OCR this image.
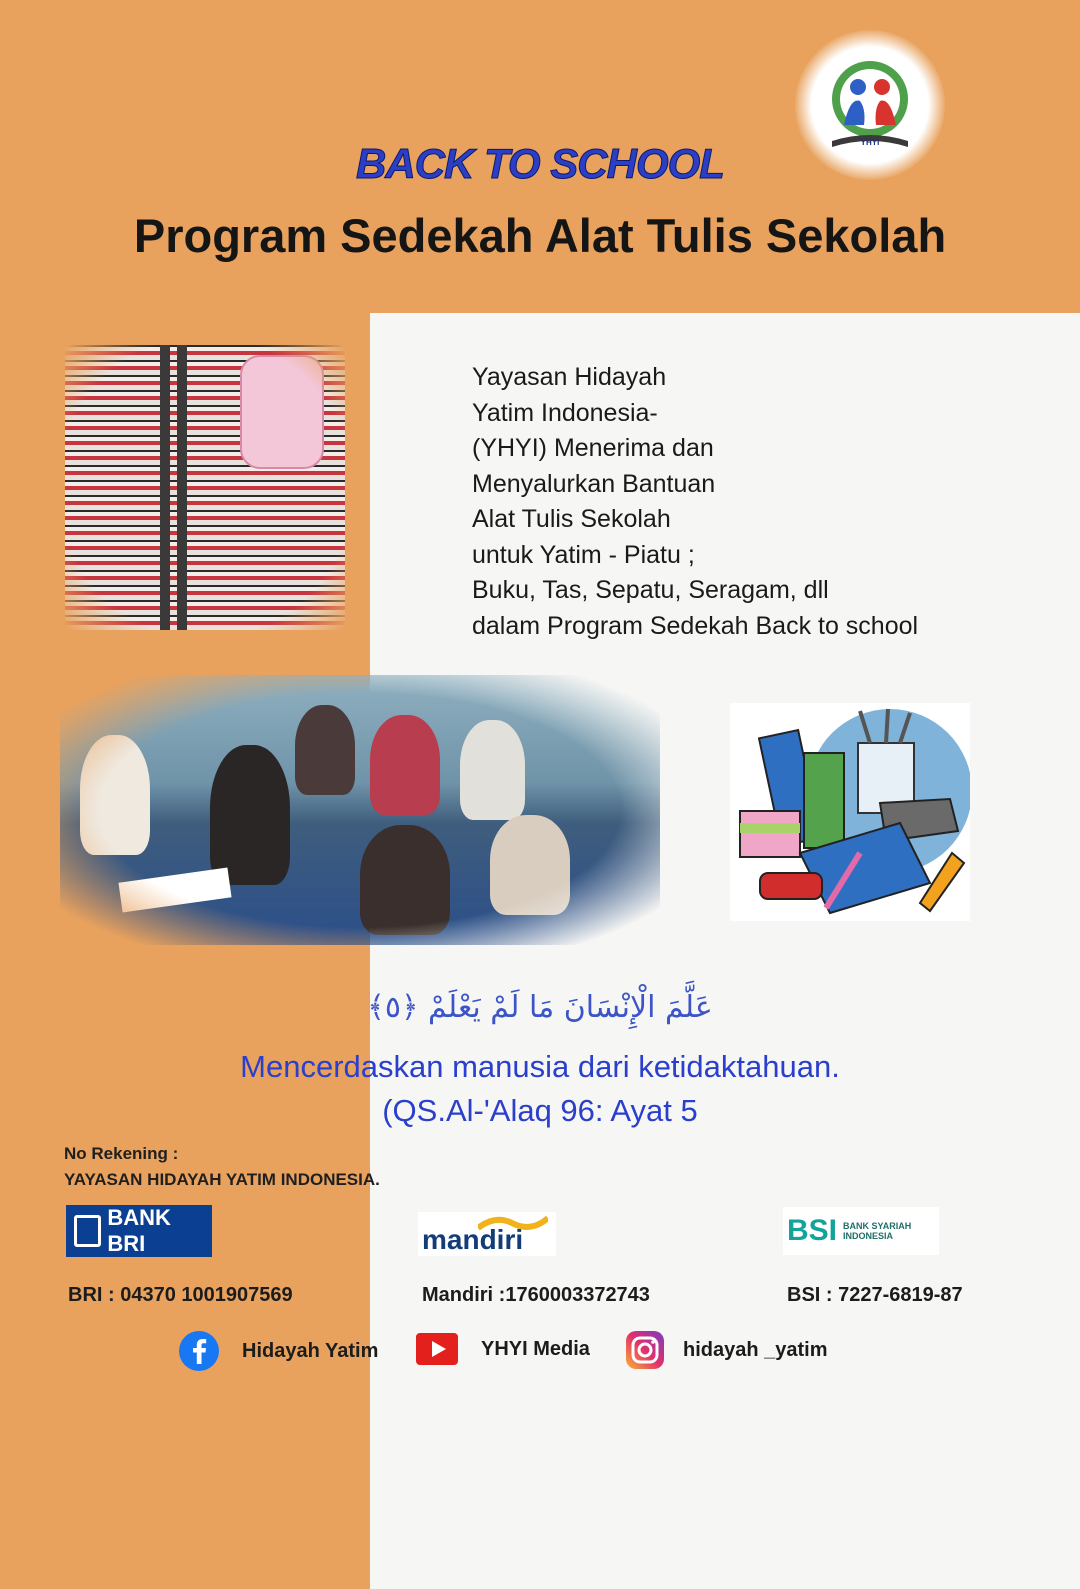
YHYI
BACK TO SCHOOL
Program Sedekah Alat Tulis Sekolah
Yayasan Hidayah
Yatim Indonesia-
(YHYI) Menerima dan
Menyalurkan Bantuan
Alat Tulis Sekolah
untuk Yatim - Piatu ;
Buku, Tas, Sepatu, Seragam, dll
dalam Program Sedekah Back to school
عَلَّمَ الْإِنْسَانَ مَا لَمْ يَعْلَمْ ﴿٥﴾
Mencerdaskan manusia dari ketidaktahuan.
(QS.Al-'Alaq 96: Ayat 5
No Rekening :
YAYASAN HIDAYAH YATIM INDONESIA.
BANK BRI	mandiri	BSI BANK SYARIAH INDONESIA
BRI : 04370 1001907569	Mandiri :1760003372743	BSI : 7227-6819-87
Hidayah Yatim	YHYI Media	hidayah _yatim
